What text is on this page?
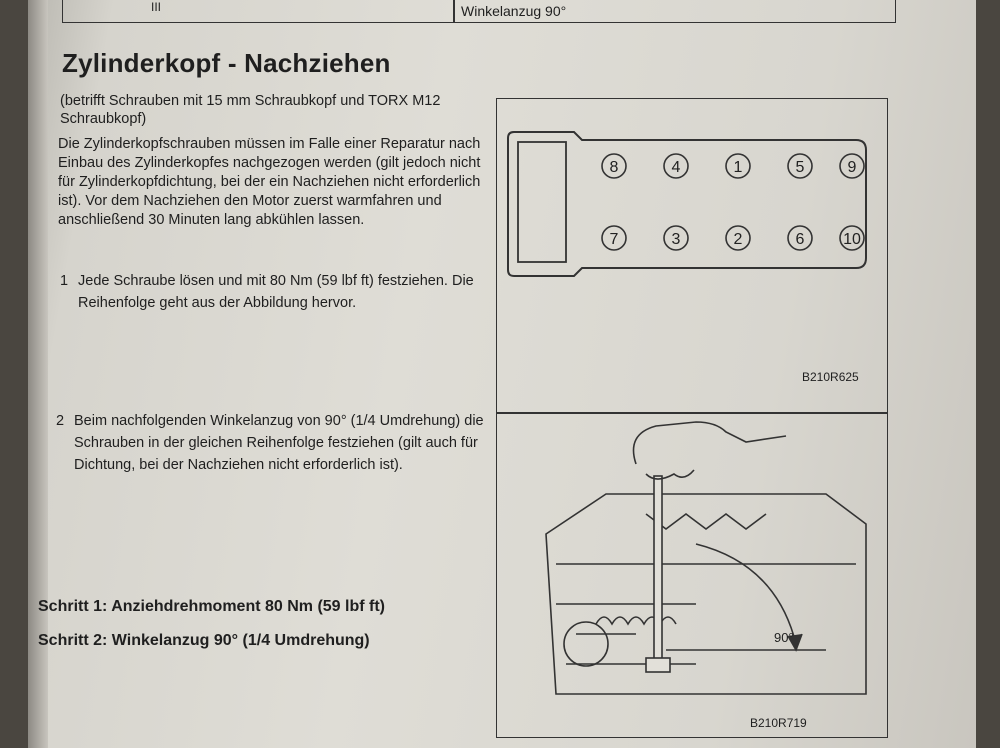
III	Winkelanzug 90°
Zylinderkopf - Nachziehen
(betrifft Schrauben mit 15 mm Schraubkopf und TORX M12 Schraubkopf)
Die Zylinderkopfschrauben müssen im Falle einer Reparatur nach Einbau des Zylinderkopfes nachgezogen werden (gilt jedoch nicht für Zylinderkopfdichtung, bei der ein Nachziehen nicht erforderlich ist). Vor dem Nachziehen den Motor zuerst warmfahren und anschließend 30 Minuten lang abkühlen lassen.
1 Jede Schraube lösen und mit 80 Nm (59 lbf ft) festziehen. Die Reihenfolge geht aus der Abbildung hervor.
2 Beim nachfolgenden Winkelanzug von 90° (1/4 Umdrehung) die Schrauben in der gleichen Reihenfolge festziehen (gilt auch für Dichtung, bei der Nachziehen nicht erforderlich ist).
Schritt 1: Anziehdrehmoment 80 Nm (59 lbf ft)
Schritt 2: Winkelanzug 90° (1/4 Umdrehung)
8	4	1	5	9
7	3	2	6 10
B210R625
90°
B210R719
